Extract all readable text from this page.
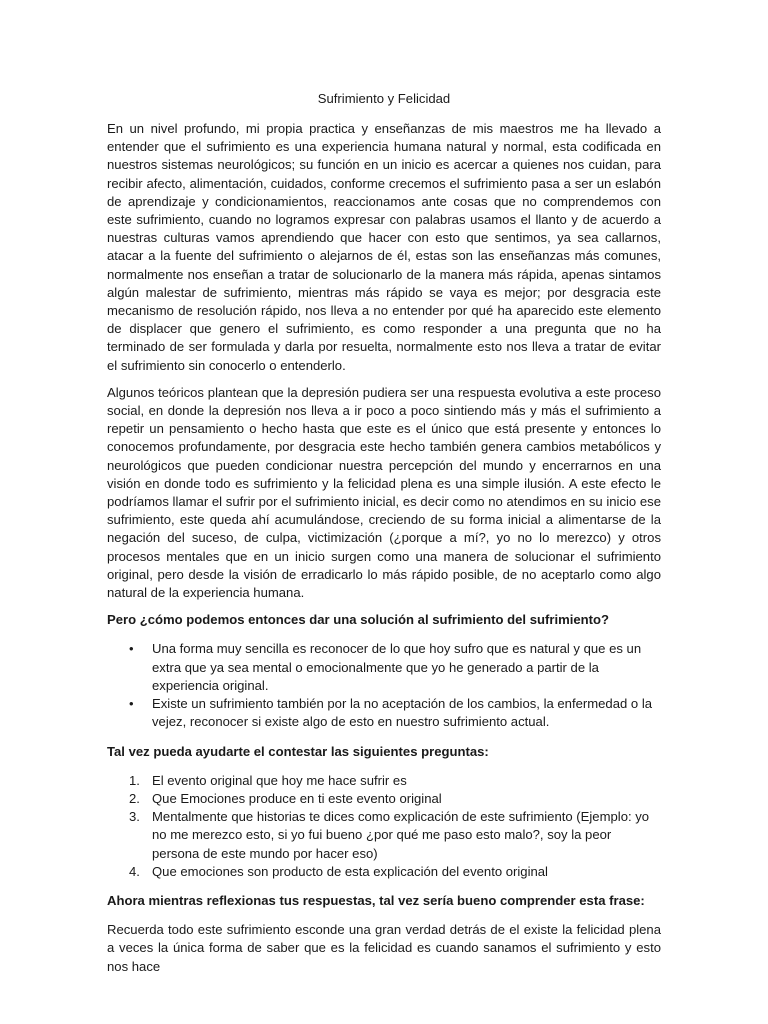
Sufrimiento y Felicidad

En un nivel profundo, mi propia practica y enseñanzas de mis maestros me ha llevado a entender que el sufrimiento es una experiencia humana natural y normal, esta codificada en nuestros sistemas neurológicos; su función en un inicio es acercar a quienes nos cuidan, para recibir afecto, alimentación, cuidados, conforme crecemos el sufrimiento pasa a ser un eslabón de aprendizaje y condicionamientos, reaccionamos ante cosas que no comprendemos con este sufrimiento, cuando no logramos expresar con palabras usamos el llanto y de acuerdo a nuestras culturas vamos aprendiendo que hacer con esto que sentimos, ya sea callarnos, atacar a la fuente del sufrimiento o alejarnos de él, estas son las enseñanzas más comunes, normalmente nos enseñan a tratar de solucionarlo de la manera más rápida, apenas sintamos algún malestar de sufrimiento, mientras más rápido se vaya es mejor; por desgracia este mecanismo de resolución rápido, nos lleva a no entender por qué ha aparecido este elemento de displacer que genero el sufrimiento, es como responder a una pregunta que no ha terminado de ser formulada y darla por resuelta, normalmente esto nos lleva a tratar de evitar el sufrimiento sin conocerlo o entenderlo.

Algunos teóricos plantean que la depresión pudiera ser una respuesta evolutiva a este proceso social, en donde la depresión nos lleva a ir poco a poco sintiendo más y más el sufrimiento a repetir un pensamiento o hecho hasta que este es el único que está presente y entonces lo conocemos profundamente, por desgracia este hecho también genera cambios metabólicos y neurológicos que pueden condicionar nuestra percepción del mundo y encerrarnos en una visión en donde todo es sufrimiento y la felicidad plena es una simple ilusión. A este efecto le podríamos llamar el sufrir por el sufrimiento inicial, es decir como no atendimos en su inicio ese sufrimiento, este queda ahí acumulándose, creciendo de su forma inicial a alimentarse de la negación del suceso, de culpa, victimización (¿porque a mí?, yo no lo merezco) y otros procesos mentales que en un inicio surgen como una manera de solucionar el sufrimiento original, pero desde la visión de erradicarlo lo más rápido posible, de no aceptarlo como algo natural de la experiencia humana.

Pero ¿cómo podemos entonces dar una solución al sufrimiento del sufrimiento?

• Una forma muy sencilla es reconocer de lo que hoy sufro que es natural y que es un extra que ya sea mental o emocionalmente que yo he generado a partir de la experiencia original.
• Existe un sufrimiento también por la no aceptación de los cambios, la enfermedad o la vejez, reconocer si existe algo de esto en nuestro sufrimiento actual.

Tal vez pueda ayudarte el contestar las siguientes preguntas:

1. El evento original que hoy me hace sufrir es
2. Que Emociones produce en ti este evento original
3. Mentalmente que historias te dices como explicación de este sufrimiento (Ejemplo: yo no me merezco esto, si yo fui bueno ¿por qué me paso esto malo?, soy la peor persona de este mundo por hacer eso)
4. Que emociones son producto de esta explicación del evento original

Ahora mientras reflexionas tus respuestas, tal vez sería bueno comprender esta frase:

Recuerda todo este sufrimiento esconde una gran verdad detrás de el existe la felicidad plena a veces la única forma de saber que es la felicidad es cuando sanamos el sufrimiento y esto nos hace
